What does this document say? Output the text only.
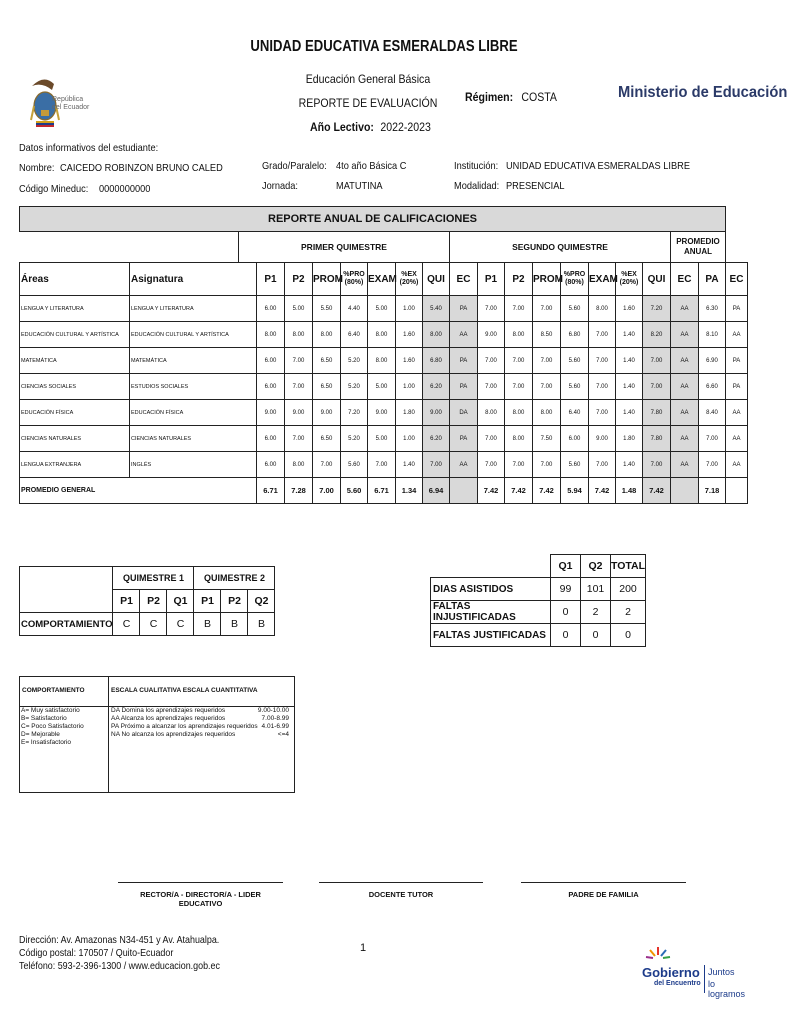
UNIDAD EDUCATIVA ESMERALDAS LIBRE
República
del Ecuador
Educación General Básica
REPORTE DE EVALUACIÓN
Año Lectivo: 2022-2023
Régimen: COSTA	Ministerio de Educación
Datos informativos del estudiante:
Nombre: CAICEDO ROBINZON BRUNO CALED
Código Mineduc: 0000000000
Grado/Paralelo: 4to año Básica C
Jornada:	MATUTINA
Institución: UNIDAD EDUCATIVA ESMERALDAS LIBRE
Modalidad: PRESENCIAL
REPORTE ANUAL DE CALIFICACIONES																				
		PRIMER QUIMESTRE								SEGUNDO QUIMESTRE								PROMEDIO ANUAL		
Áreas	Asignatura		P1	P2	PROM	%PRO (80%)	EXAM	%EX (20%)	QUI	EC	P1	P2	PROM	%PRO (80%)	EXAM	%EX (20%)	QUI	EC	PA	EC
LENGUA Y LITERATURA	LENGUA Y LITERATURA		6.00	5.00	5.50	4.40	5.00	1.00	5.40	PA	7.00	7.00	7.00	5.60	8.00	1.60	7.20	AA	6.30	PA
EDUCACIÓN CULTURAL Y ARTÍSTICA	EDUCACIÓN CULTURAL Y ARTÍSTICA		8.00	8.00	8.00	6.40	8.00	1.60	8.00	AA	9.00	8.00	8.50	6.80	7.00	1.40	8.20	AA	8.10	AA
MATEMÁTICA	MATEMÁTICA		6.00	7.00	6.50	5.20	8.00	1.60	6.80	PA	7.00	7.00	7.00	5.60	7.00	1.40	7.00	AA	6.90	PA
CIENCIAS SOCIALES	ESTUDIOS SOCIALES		6.00	7.00	6.50	5.20	5.00	1.00	6.20	PA	7.00	7.00	7.00	5.60	7.00	1.40	7.00	AA	6.60	PA
EDUCACIÓN FÍSICA	EDUCACIÓN FÍSICA		9.00	9.00	9.00	7.20	9.00	1.80	9.00	DA	8.00	8.00	8.00	6.40	7.00	1.40	7.80	AA	8.40	AA
CIENCIAS NATURALES	CIENCIAS NATURALES		6.00	7.00	6.50	5.20	5.00	1.00	6.20	PA	7.00	8.00	7.50	6.00	9.00	1.80	7.80	AA	7.00	AA
LENGUA EXTRANJERA	INGLÉS		6.00	8.00	7.00	5.60	7.00	1.40	7.00	AA	7.00	7.00	7.00	5.60	7.00	1.40	7.00	AA	7.00	AA
PROMEDIO GENERAL			6.71	7.28	7.00	5.60	6.71	1.34	6.94		7.42	7.42	7.42	5.94	7.42	1.48	7.42		7.18	
	QUIMESTRE 1			QUIMESTRE 2		
	P1	P2	Q1	P1	P2	Q2
COMPORTAMIENTO	C	C	C	B	B	B
	Q1	Q2	TOTAL
DIAS ASISTIDOS	99	101	200
FALTAS INJUSTIFICADAS	0	2	2
FALTAS JUSTIFICADAS	0	0	0
COMPORTAMIENTO	ESCALA CUALITATIVA ESCALA CUANTITATIVA
A= Muy satisfactorio
B= Satisfactorio
C= Poco Satisfactorio
D= Mejorable
E= Insatisfactorio
DA Domina los aprendizajes requeridos	9.00-10.00
AA Alcanza los aprendizajes requeridos	7.00-8.99
PA Próximo a alcanzar los aprendizajes requeridos 4.01-6.99
NA No alcanza los aprendizajes requeridos	<=4
RECTOR/A - DIRECTOR/A - LIDER EDUCATIVO
DOCENTE TUTOR	PADRE DE FAMILIA
Dirección: Av. Amazonas N34-451 y Av. Atahualpa.
Código postal: 170507 / Quito-Ecuador
Teléfono: 593-2-396-1300 / www.educacion.gob.ec
1
Gobierno
del Encuentro
Juntos
lo logramos
